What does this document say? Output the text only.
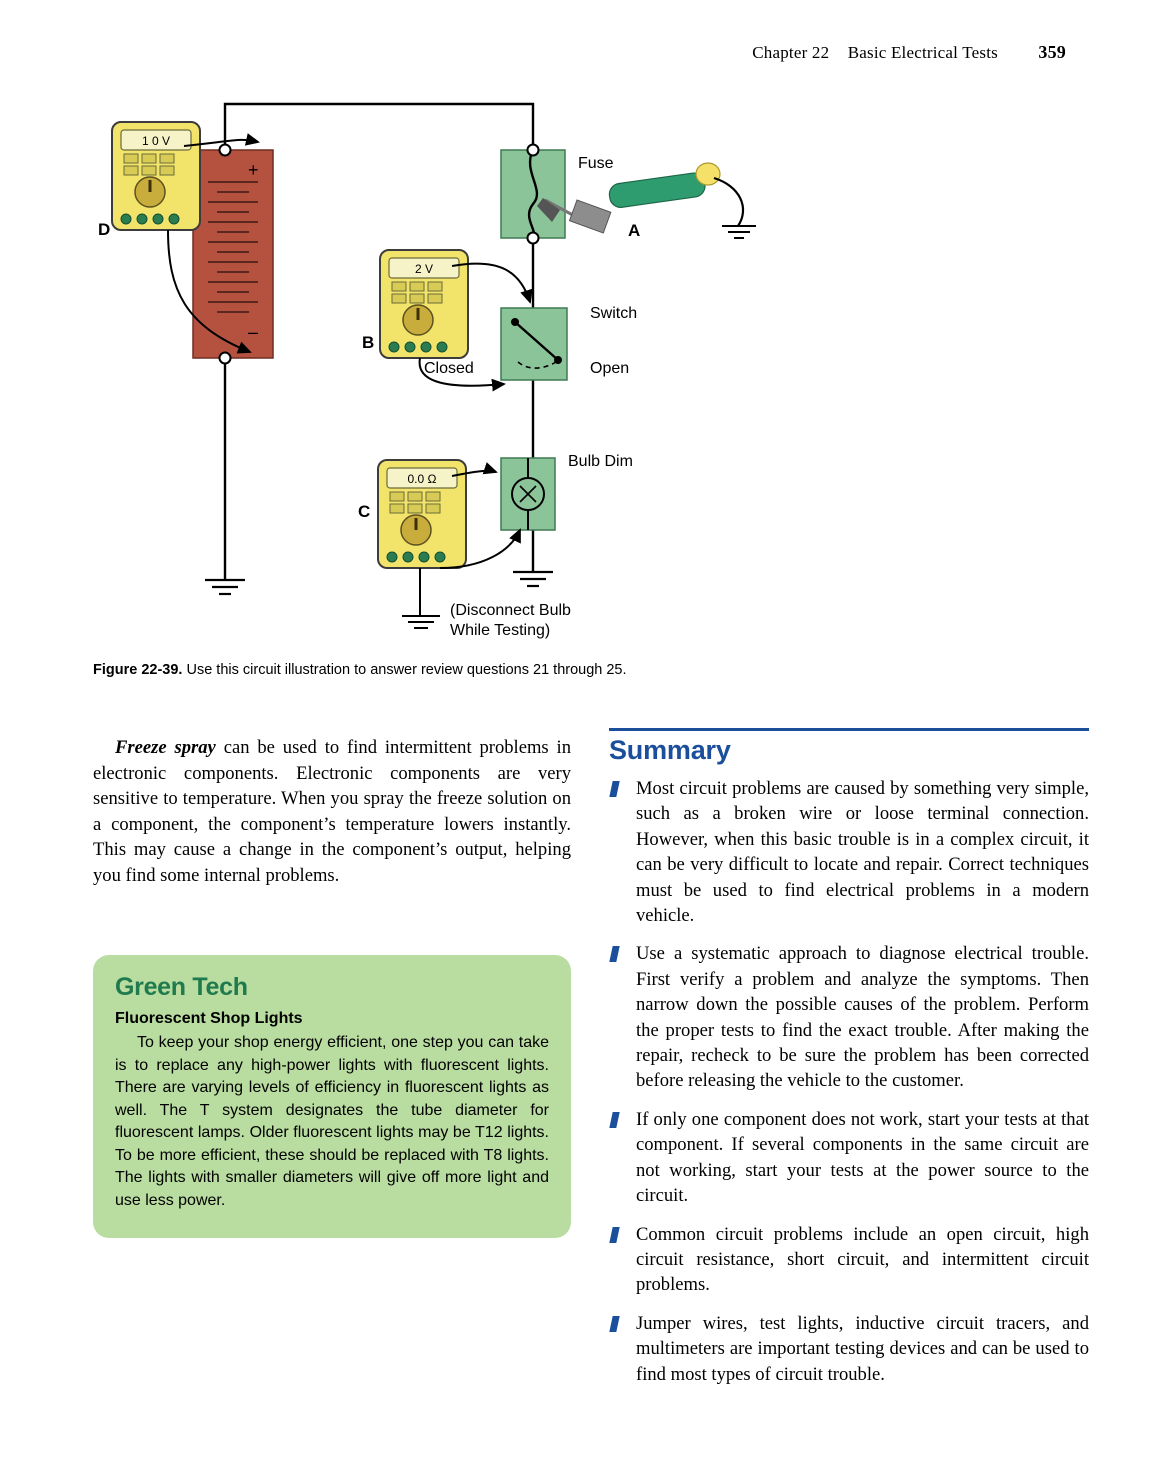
Chapter 22 Basic Electrical Tests 359
+
–
Fuse
Switch
Closed	Open
Bulb Dim
1 0 V
D
2 V
B
0.0 Ω
C
(Disconnect Bulb
While Testing)
A
Figure 22-39. Use this circuit illustration to answer review questions 21 through 25.

Freeze spray can be used to find intermittent problems in electronic components. Electronic components are very sensitive to temperature. When you spray the freeze solution on a component, the component’s temperature lowers instantly. This may cause a change in the component’s output, helping you find some internal problems.

Green Tech

Fluorescent Shop Lights

To keep your shop energy efficient, one step you can take is to replace any high-power lights with fluorescent lights. There are varying levels of efficiency in fluorescent lights as well. The T system designates the tube diameter for fluorescent lamps. Older fluorescent lights may be T12 lights. To be more efficient, these should be replaced with T8 lights. The lights with smaller diameters will give off more light and use less power.

Summary
Most circuit problems are caused by something very simple, such as a broken wire or loose terminal connection. However, when this basic trouble is in a complex circuit, it can be very difficult to locate and repair. Correct techniques must be used to find electrical problems in a modern vehicle.
Use a systematic approach to diagnose electrical trouble. First verify a problem and analyze the symptoms. Then narrow down the possible causes of the problem. Perform the proper tests to find the exact trouble. After making the repair, recheck to be sure the problem has been corrected before releasing the vehicle to the customer.
If only one component does not work, start your tests at that component. If several components in the same circuit are not working, start your tests at the power source to the circuit.
Common circuit problems include an open circuit, high circuit resistance, short circuit, and intermittent circuit problems.
Jumper wires, test lights, inductive circuit tracers, and multimeters are important testing devices and can be used to find most types of circuit trouble.
